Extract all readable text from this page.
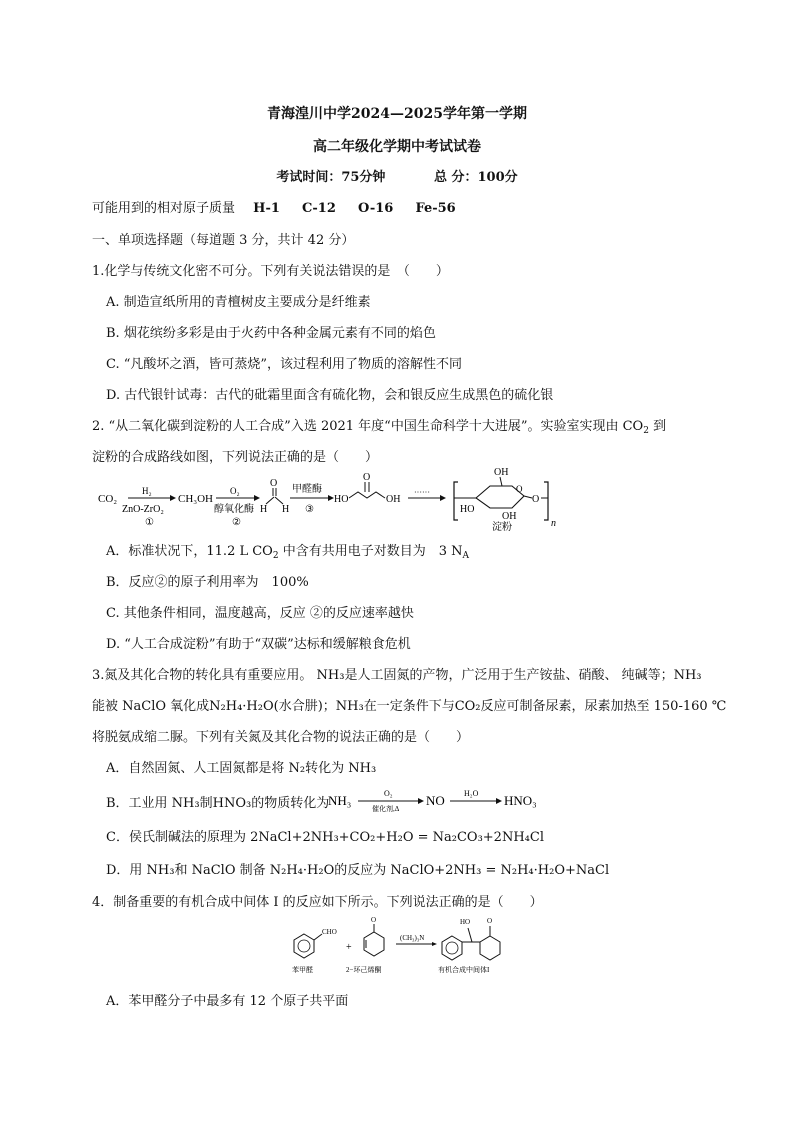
青海湟川中学2024—2025学年第一学期
高二年级化学期中考试试卷
考试时间：75分钟	总 分：100分
可能用到的相对原子质量 H-1 C-12 O-16 Fe-56
一、单项选择题（每道题 3 分，共计 42 分）
1.化学与传统文化密不可分。下列有关说法错误的是　（　　）
A. 制造宣纸所用的青檀树皮主要成分是纤维素
B. 烟花缤纷多彩是由于火药中各种金属元素有不同的焰色
C. “凡酸坏之酒，皆可蒸烧”，该过程利用了物质的溶解性不同
D. 古代银针试毒：古代的砒霜里面含有硫化物，会和银反应生成黑色的硫化银
2. “从二氧化碳到淀粉的人工合成”入选 2021 年度“中国生命科学十大进展”。实验室实现由 $CO_2$ 到
淀粉的合成路线如图，下列说法正确的是（　　）
CO₂
H₂
ZnO-ZrO₂
①
CH₃OH
O₂
醇氧化酶
②
O
H H
甲醛酶
③
HO
O
OH
······
OH
O
HO
OH
O
淀粉	n
A．标准状况下，11.2 L $CO_2$ 中含有共用电子对数目为　3 $N_A$
B．反应②的原子利用率为　100%
C. 其他条件相同，温度越高，反应 ②的反应速率越快
D. “人工合成淀粉”有助于“双碳”达标和缓解粮食危机
3.氮及其化合物的转化具有重要应用。 NH₃是人工固氮的产物，广泛用于生产铵盐、硝酸、 纯碱等；NH₃
能被 NaClO 氧化成N₂H₄·H₂O(水合肼)；NH₃在一定条件下与CO₂反应可制备尿素，尿素加热至 150-160 ℃
将脱氨成缩二脲。下列有关氮及其化合物的说法正确的是（　　）
A．自然固氮、人工固氮都是将 N₂转化为 NH₃
B．工业用 NH₃制HNO₃的物质转化为
NH₃	O₂
催化剂,Δ
NO H₂O HNO₃
C．侯氏制碱法的原理为 2NaCl+2NH₃+CO₂+H₂O = Na₂CO₃+2NH₄Cl
D．用 NH₃和 NaClO 制备 N₂H₄·H₂O的反应为 NaClO+2NH₃ = N₂H₄·H₂O+NaCl
4．制备重要的有机合成中间体 I 的反应如下所示。下列说法正确的是（　　）
CHO
+
O
(CH₃)₃N
HO O
苯甲醛	2−环己烯酮	有机合成中间体I
A．苯甲醛分子中最多有 12 个原子共平面
